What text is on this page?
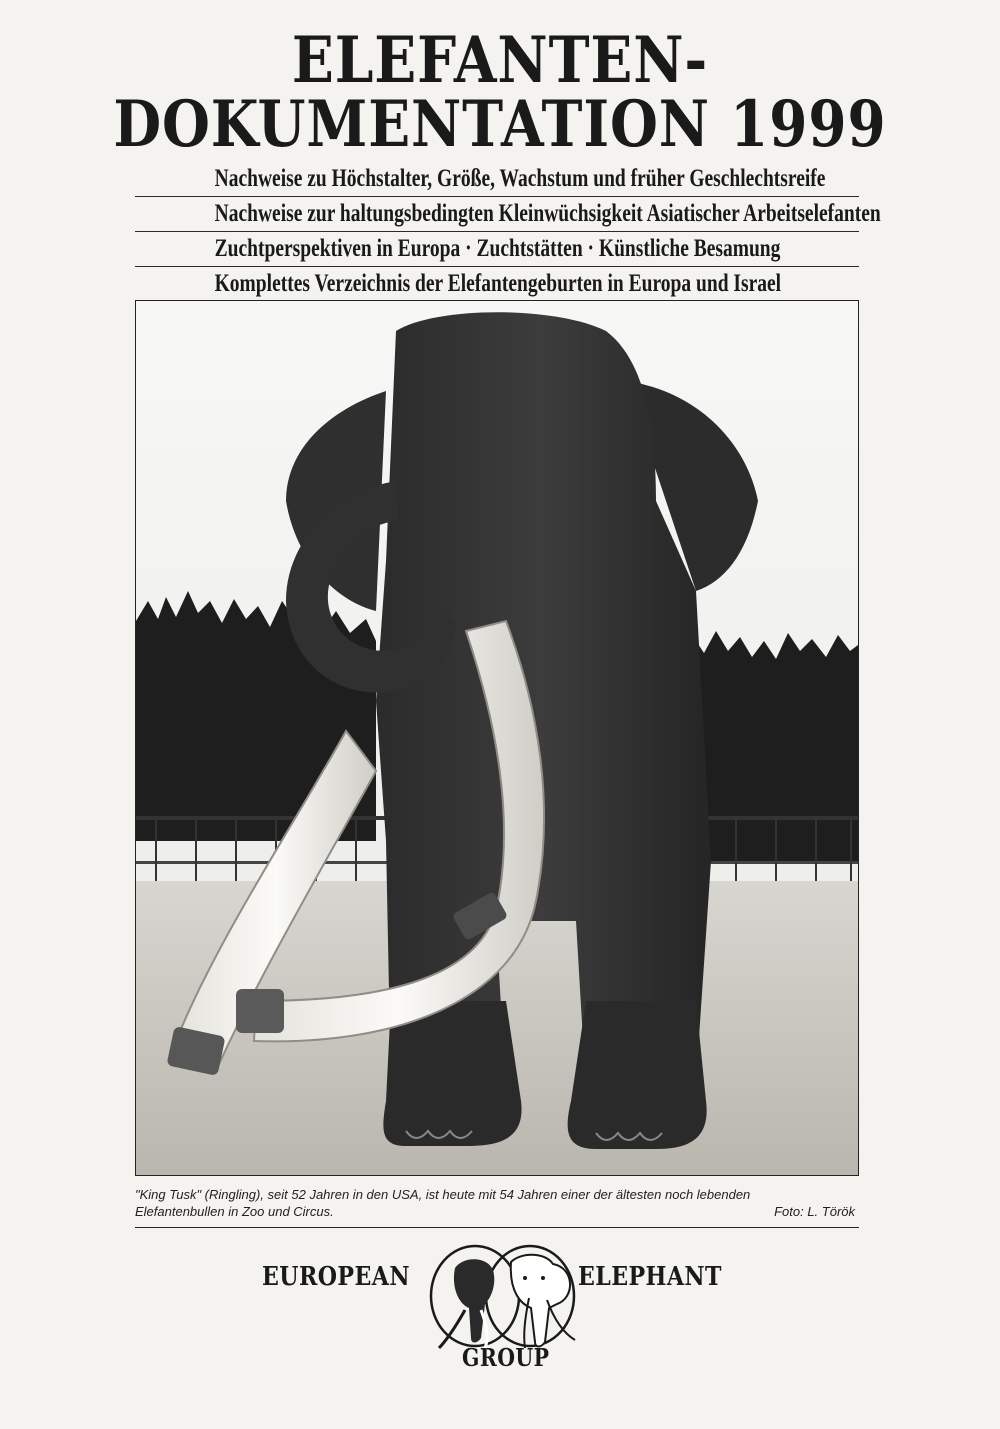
ELEFANTEN-
DOKUMENTATION 1999
Nachweise zu Höchstalter, Größe, Wachstum und früher Geschlechtsreife
Nachweise zur haltungsbedingten Kleinwüchsigkeit Asiatischer Arbeitselefanten
Zuchtperspektiven in Europa · Zuchtstätten · Künstliche Besamung
Komplettes Verzeichnis der Elefantengeburten in Europa und Israel
"King Tusk" (Ringling), seit 52 Jahren in den USA, ist heute mit 54 Jahren einer der ältesten noch lebenden
Elefantenbullen in Zoo und Circus.	Foto: L. Török
EUROPEAN	ELEPHANT
GROUP
